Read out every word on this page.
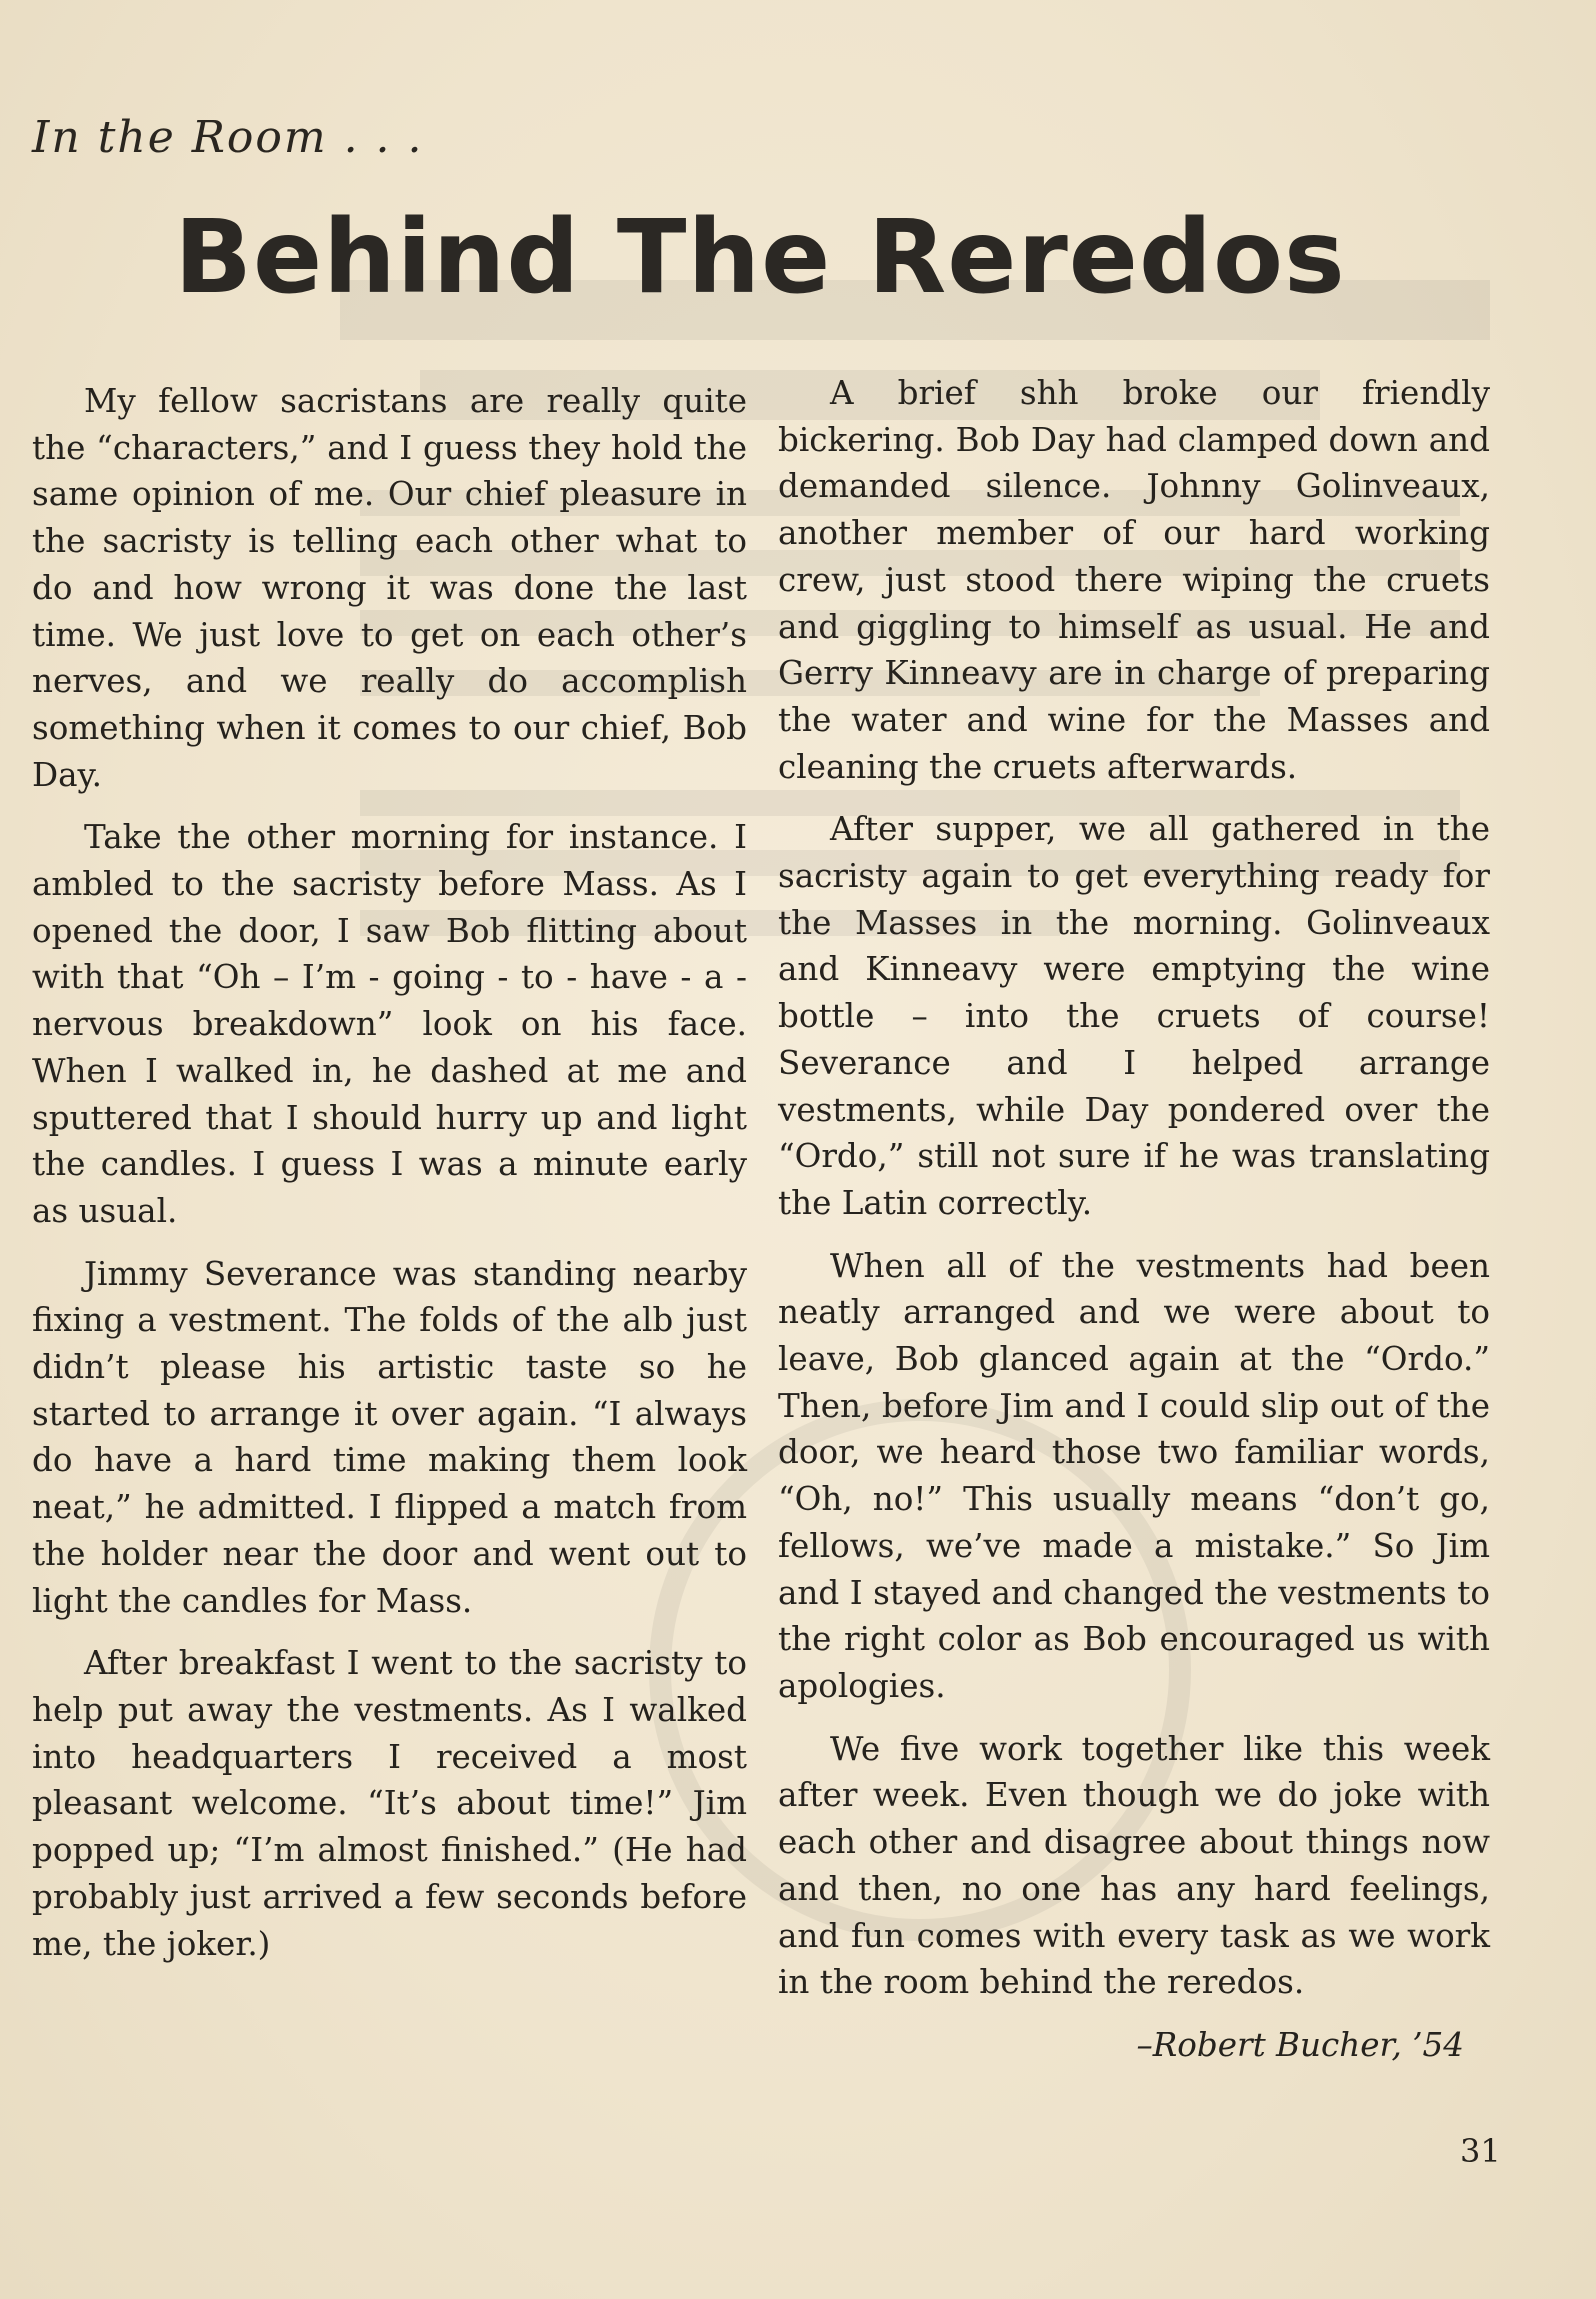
In the Room . . .
Behind The Reredos

My fellow sacristans are really quite the “characters,” and I guess they hold the same opinion of me. Our chief pleasure in the sacristy is telling each other what to do and how wrong it was done the last time. We just love to get on each other’s nerves, and we really do accomplish something when it comes to our chief, Bob Day.

Take the other morning for instance. I ambled to the sacristy before Mass. As I opened the door, I saw Bob flitting about with that “Oh – I’m - going - to - have - a - nervous breakdown” look on his face. When I walked in, he dashed at me and sputtered that I should hurry up and light the candles. I guess I was a minute early as usual.

Jimmy Severance was standing nearby fixing a vestment. The folds of the alb just didn’t please his artistic taste so he started to arrange it over again. “I always do have a hard time making them look neat,” he admitted. I flipped a match from the holder near the door and went out to light the candles for Mass.

After breakfast I went to the sacristy to help put away the vestments. As I walked into headquarters I received a most pleasant welcome. “It’s about time!” Jim popped up; “I’m almost finished.” (He had probably just arrived a few seconds before me, the joker.)

A brief shh broke our friendly bickering. Bob Day had clamped down and demanded silence. Johnny Golinveaux, another member of our hard working crew, just stood there wiping the cruets and giggling to himself as usual. He and Gerry Kinneavy are in charge of preparing the water and wine for the Masses and cleaning the cruets afterwards.

After supper, we all gathered in the sacristy again to get everything ready for the Masses in the morning. Golinveaux and Kinneavy were emptying the wine bottle – into the cruets of course! Severance and I helped arrange vestments, while Day pondered over the “Ordo,” still not sure if he was translating the Latin correctly.

When all of the vestments had been neatly arranged and we were about to leave, Bob glanced again at the “Ordo.” Then, before Jim and I could slip out of the door, we heard those two familiar words, “Oh, no!” This usually means “don’t go, fellows, we’ve made a mistake.” So Jim and I stayed and changed the vestments to the right color as Bob encouraged us with apologies.

We five work together like this week after week. Even though we do joke with each other and disagree about things now and then, no one has any hard feelings, and fun comes with every task as we work in the room behind the reredos.

–Robert Bucher, ’54
31
